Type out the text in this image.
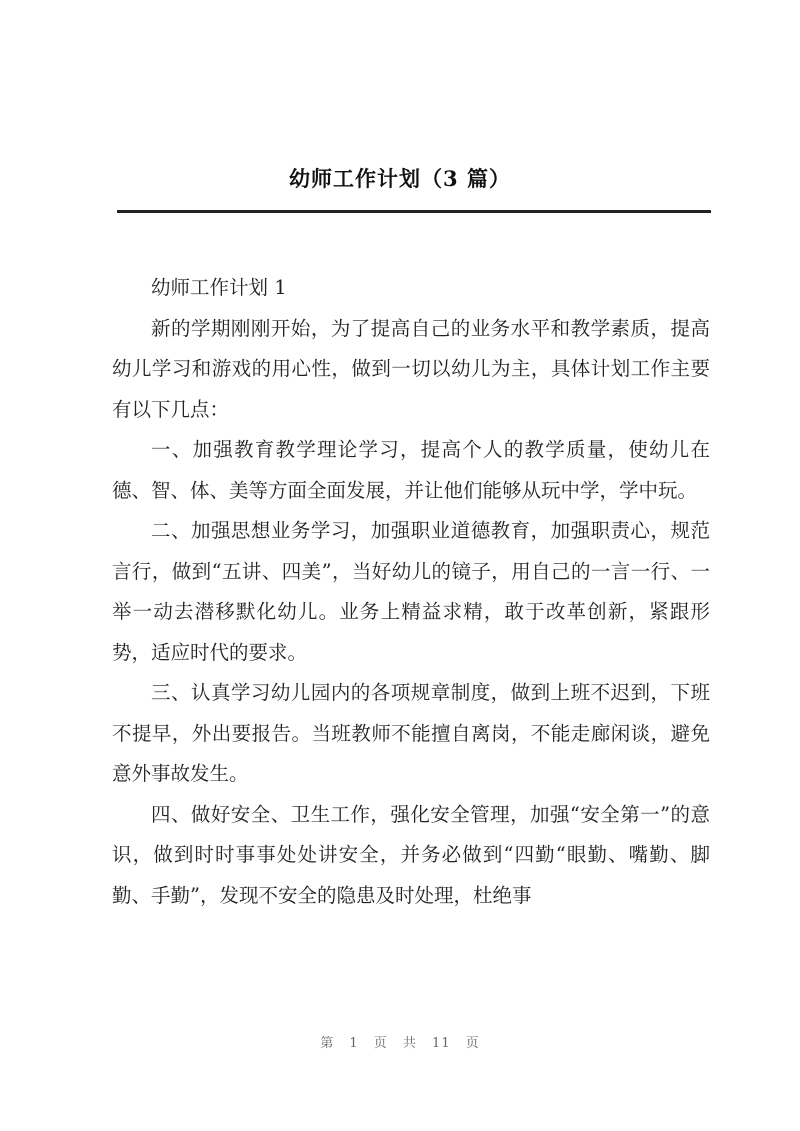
幼师工作计划（3 篇）

幼师工作计划 1

新的学期刚刚开始，为了提高自己的业务水平和教学素质，提高幼儿学习和游戏的用心性，做到一切以幼儿为主，具体计划工作主要有以下几点：

一、加强教育教学理论学习，提高个人的教学质量，使幼儿在德、智、体、美等方面全面发展，并让他们能够从玩中学，学中玩。

二、加强思想业务学习，加强职业道德教育，加强职责心，规范言行，做到“五讲、四美”，当好幼儿的镜子，用自己的一言一行、一举一动去潜移默化幼儿。业务上精益求精，敢于改革创新，紧跟形势，适应时代的要求。

三、认真学习幼儿园内的各项规章制度，做到上班不迟到，下班不提早，外出要报告。当班教师不能擅自离岗，不能走廊闲谈，避免意外事故发生。

四、做好安全、卫生工作，强化安全管理，加强“安全第一”的意识，做到时时事事处处讲安全，并务必做到“四勤“眼勤、嘴勤、脚勤、手勤”，发现不安全的隐患及时处理，杜绝事

第 1 页 共 11 页
